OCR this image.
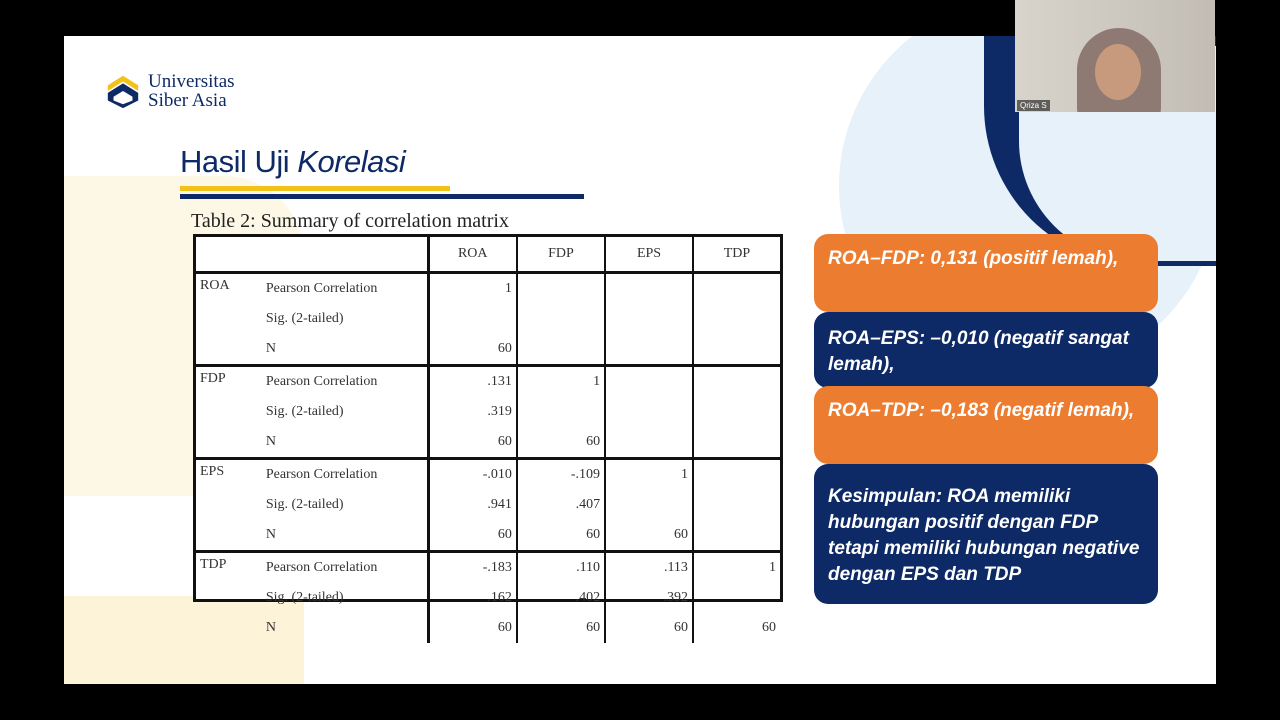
Universitas
Siber Asia
Hasil Uji Korelasi
Table 2: Summary of correlation matrix
		ROA	FDP	EPS	TDP
ROA	Pearson Correlation	1			
	Sig. (2-tailed)				
	N	60			
FDP	Pearson Correlation	.131	1		
	Sig. (2-tailed)	.319			
	N	60	60		
EPS	Pearson Correlation	-.010	-.109	1	
	Sig. (2-tailed)	.941	.407		
	N	60	60	60	
TDP	Pearson Correlation	-.183	.110	.113	1
	Sig. (2-tailed)	.162	.402	.392	
	N	60	60	60	60
ROA–FDP: 0,131 (positif lemah),
ROA–EPS: –0,010 (negatif sangat lemah),
ROA–TDP: –0,183 (negatif lemah),
Kesimpulan: ROA memiliki hubungan positif dengan FDP tetapi memiliki hubungan negative dengan EPS dan TDP
Qriza S
